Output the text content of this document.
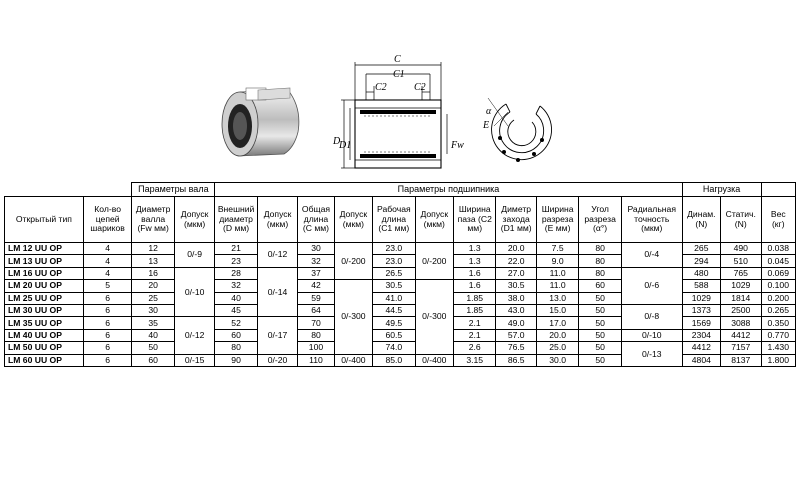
C
C1
C2	C2
D
D1	Fw
α
E
		Параметры вала		Параметры подшипника											Нагрузка		
Открытый тип	Кол-во цепей шариков	Диаметр валла (Fw мм)	Допуск (мкм)	Внешний диаметр (D мм)	Допуск (мкм)	Общая длина (C мм)	Допуск (мкм)	Рабочая длина (C1 мм)	Допуск (мкм)	Ширина паза (C2 мм)	Диметр захода (D1 мм)	Ширина разреза (E мм)	Угол разреза (α°)	Радиальная точность (мкм)	Динам. (N)	Статич. (N)	Вес (кг)
LM 12 UU OP	4	12	0/-9	21	0/-12	30	0/-200	23.0	0/-200	1.3	20.0	7.5	80	0/-4	265	490	0.038
LM 13 UU OP	4	13		23		32		23.0		1.3	22.0	9.0	80		294	510	0.045
LM 16 UU OP	4	16	0/-10	28	0/-14	37		26.5		1.6	27.0	11.0	80	0/-6	480	765	0.069
LM 20 UU OP	5	20		32		42	0/-300	30.5	0/-300	1.6	30.5	11.0	60		588	1029	0.100
LM 25 UU OP	6	25		40		59		41.0		1.85	38.0	13.0	50		1029	1814	0.200
LM 30 UU OP	6	30		45		64		44.5		1.85	43.0	15.0	50	0/-8	1373	2500	0.265
LM 35 UU OP	6	35	0/-12	52	0/-17	70		49.5		2.1	49.0	17.0	50		1569	3088	0.350
LM 40 UU OP	6	40		60		80		60.5		2.1	57.0	20.0	50	0/-10	2304	4412	0.770
LM 50 UU OP	6	50		80		100		74.0		2.6	76.5	25.0	50	0/-13	4412	7157	1.430
LM 60 UU OP	6	60	0/-15	90	0/-20	110	0/-400	85.0	0/-400	3.15	86.5	30.0	50		4804	8137	1.800
